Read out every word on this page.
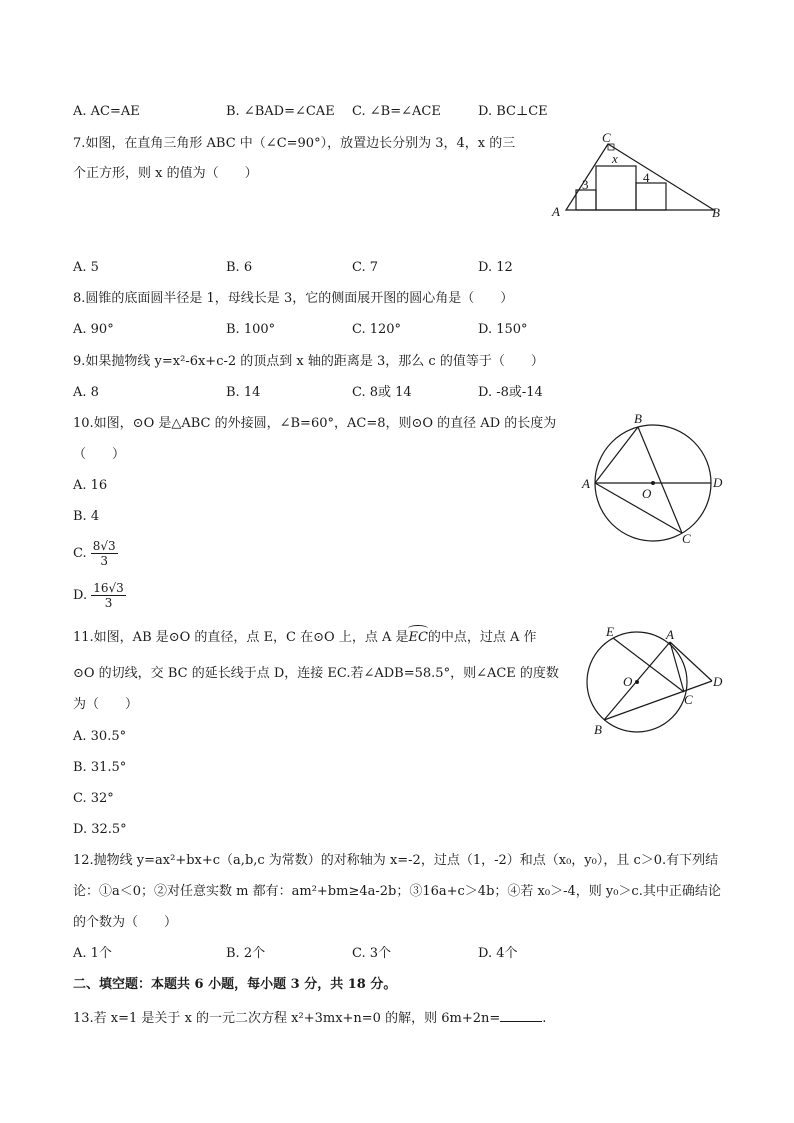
A. AC=AE	B. ∠BAD=∠CAE C. ∠B=∠ACE	D. BC⊥CE
7.如图，在直角三角形 ABC 中（∠C=90°），放置边长分别为 3，4，x 的三
个正方形，则 x 的值为（　　）
A	B
C
3
x
4
A. 5	B. 6	C. 7	D. 12
8.圆锥的底面圆半径是 1，母线长是 3，它的侧面展开图的圆心角是（　　）
A. 90°	B. 100°	C. 120°	D. 150°
9.如果抛物线 y=x²-6x+c-2 的顶点到 x 轴的距离是 3，那么 c 的值等于（　　）
A. 8	B. 14	C. 8或 14	D. -8或-14
10.如图，⊙O 是△ABC 的外接圆，∠B=60°，AC=8，则⊙O 的直径 AD 的长度为
（　　）
A. 16
B. 4
C. $\frac{8√3}{3}$
D. $\frac{16√3}{3}$
A
B
C
D
O
11.如图，AB 是⊙O 的直径，点 E，C 在⊙O 上，点 A 是EC的中点，过点 A 作
⊙O 的切线，交 BC 的延长线于点 D，连接 EC.若∠ADB=58.5°，则∠ACE 的度数
为（　　）
A. 30.5°
B. 31.5°
C. 32°
D. 32.5°
E	A
D
C
B
O
12.抛物线 y=ax²+bx+c（a,b,c 为常数）的对称轴为 x=-2，过点（1，-2）和点（x₀，y₀），且 c＞0.有下列结
论：①a＜0；②对任意实数 m 都有：am²+bm≥4a-2b；③16a+c＞4b；④若 x₀＞-4，则 y₀＞c.其中正确结论
的个数为（　　）
A. 1个	B. 2个	C. 3个	D. 4个
二、填空题：本题共 6 小题，每小题 3 分，共 18 分。
13.若 x=1 是关于 x 的一元二次方程 x²+3mx+n=0 的解，则 6m+2n=	.
